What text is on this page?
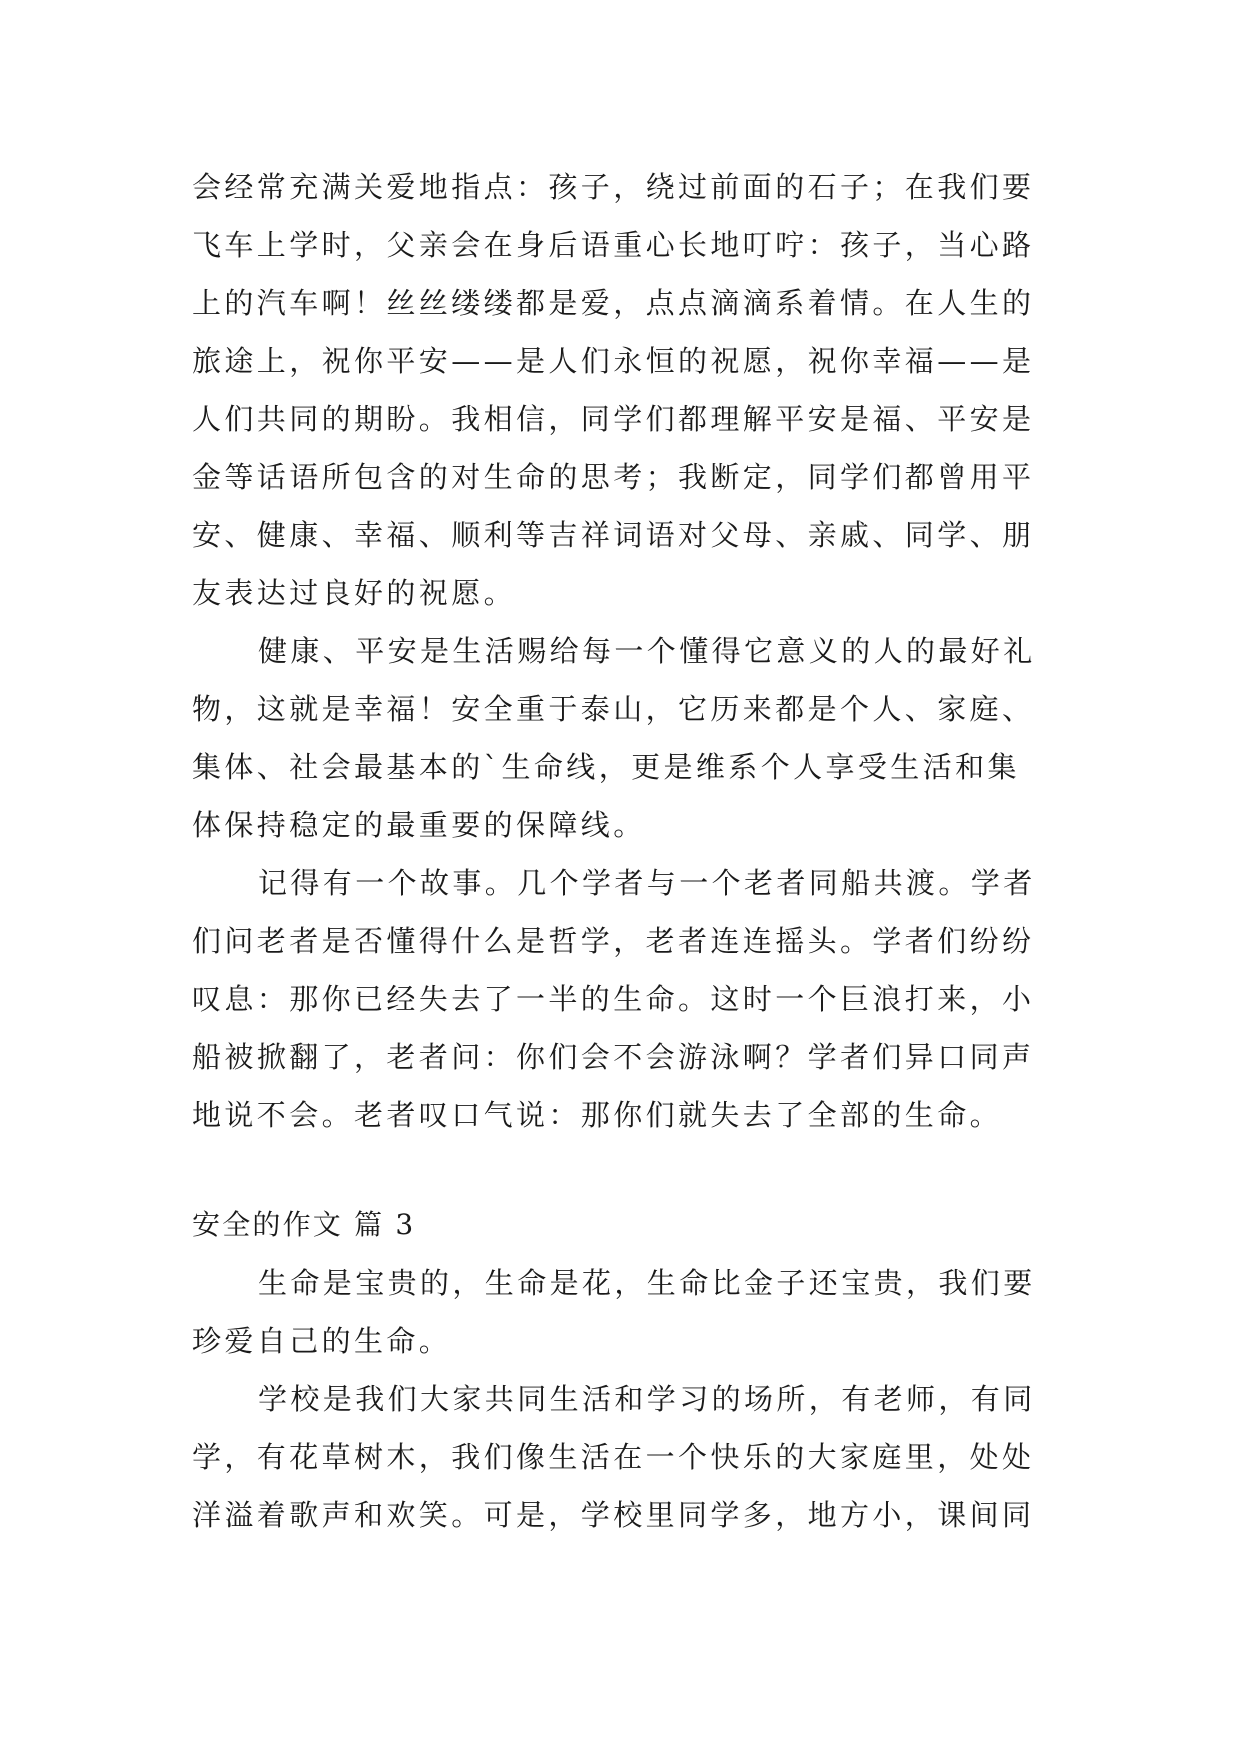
会经常充满关爱地指点：孩子，绕过前面的石子；在我们要
飞车上学时，父亲会在身后语重心长地叮咛：孩子，当心路
上的汽车啊！丝丝缕缕都是爱，点点滴滴系着情。在人生的
旅途上，祝你平安——是人们永恒的祝愿，祝你幸福——是
人们共同的期盼。我相信，同学们都理解平安是福、平安是
金等话语所包含的对生命的思考；我断定，同学们都曾用平
安、健康、幸福、顺利等吉祥词语对父母、亲戚、同学、朋
友表达过良好的祝愿。
健康、平安是生活赐给每一个懂得它意义的人的最好礼
物，这就是幸福！安全重于泰山，它历来都是个人、家庭、
集体、社会最基本的`生命线，更是维系个人享受生活和集
体保持稳定的最重要的保障线。
记得有一个故事。几个学者与一个老者同船共渡。学者
们问老者是否懂得什么是哲学，老者连连摇头。学者们纷纷
叹息：那你已经失去了一半的生命。这时一个巨浪打来，小
船被掀翻了，老者问：你们会不会游泳啊？学者们异口同声
地说不会。老者叹口气说：那你们就失去了全部的生命。
安全的作文 篇 3
生命是宝贵的，生命是花，生命比金子还宝贵，我们要
珍爱自己的生命。
学校是我们大家共同生活和学习的场所，有老师，有同
学，有花草树木，我们像生活在一个快乐的大家庭里，处处
洋溢着歌声和欢笑。可是，学校里同学多，地方小，课间同
